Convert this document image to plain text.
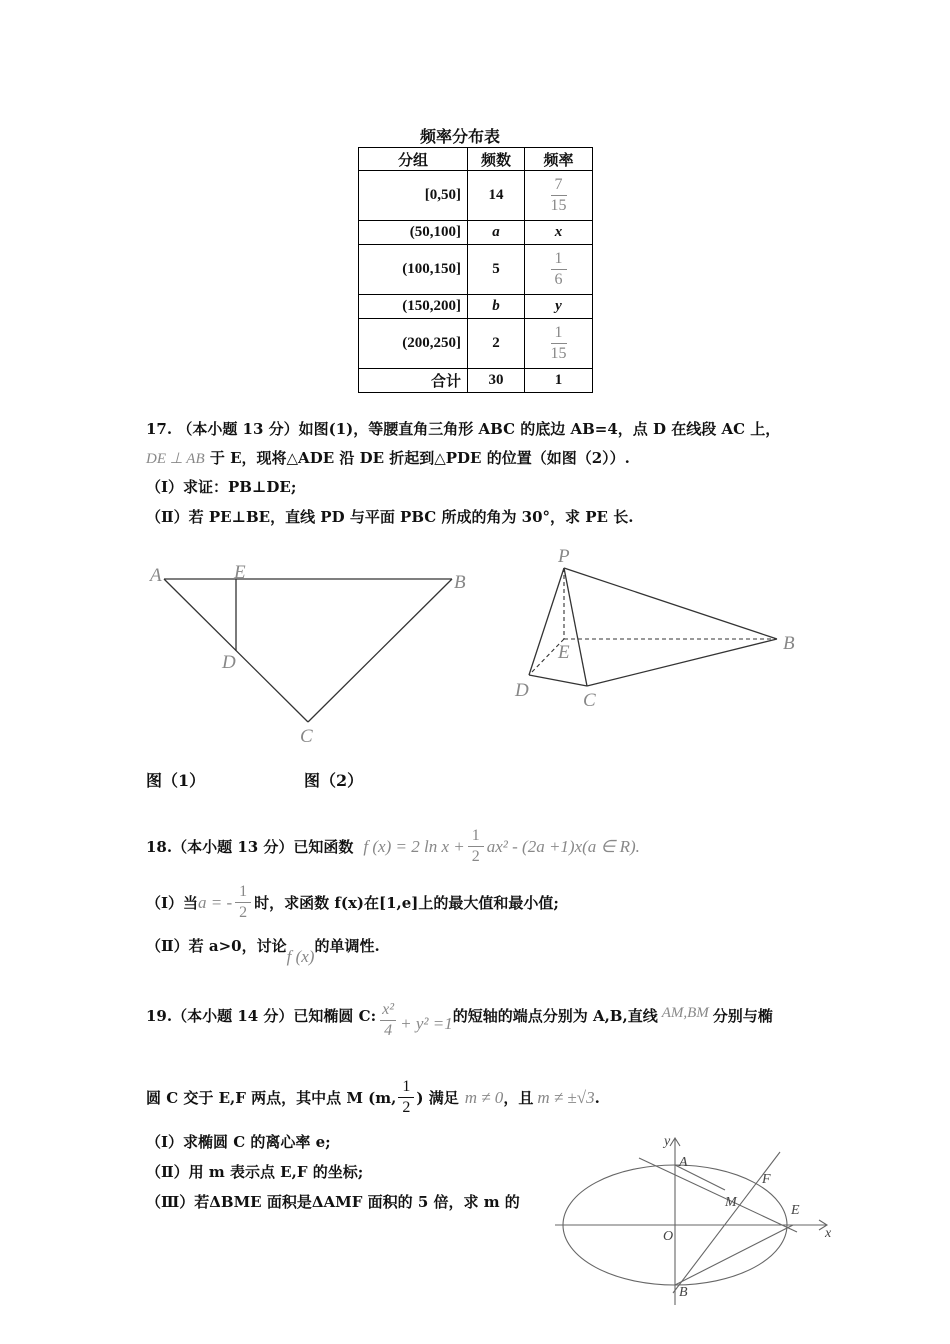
频率分布表
分组	频数	频率
[0,50]	14	$\frac{7}{15}$

(50,100]	a	x
(100,150]	5	$\frac{1}{6}$

(150,200]	b	y
(200,250]	2	$\frac{1}{15}$

合计	30	1
17. （本小题 13 分）如图(1)，等腰直角三角形 ABC 的底边 AB=4，点 D 在线段 AC 上，
DE ⊥ AB 于 E，现将△ADE 沿 DE 折起到△PDE 的位置（如图（2））.
（Ⅰ）求证：PB⊥DE;
（Ⅱ）若 PE⊥BE，直线 PD 与平面 PBC 所成的角为 30°，求 PE 长.
A	E	B
D
C
P
E	B
D	C
图（1）	图（2）
18.（本小题 13 分）已知函数 f (x) = 2 $\ln x + \frac{1}{2} ax^2 - (2a +1)x(a$ ∈ R).
（Ⅰ）当 a = - $\frac{1}{2}$ 时，求函数 f(x)在[1,e]上的最大值和最小值;
（Ⅱ）若 a>0，讨论
f (x)
的单调性.
19.（本小题 14 分）已知椭圆 C: $\frac{\text{x²}}{4} + y^2 =1$ 的短轴的端点分别为 A,B,直线 AM,BM 分别与椭
圆 C 交于 E,F 两点，其中点 M (m, $\frac{1}{2}$ ) 满足 m ≠ 0 ，且 m ≠ ±√3 .
（Ⅰ）求椭圆 C 的离心率 e;
（Ⅱ）用 m 表示点 E,F 的坐标;
（Ⅲ）若ΔBME 面积是ΔAMF 面积的 5 倍，求 m 的
y
A
F
M
E
O	x
B
